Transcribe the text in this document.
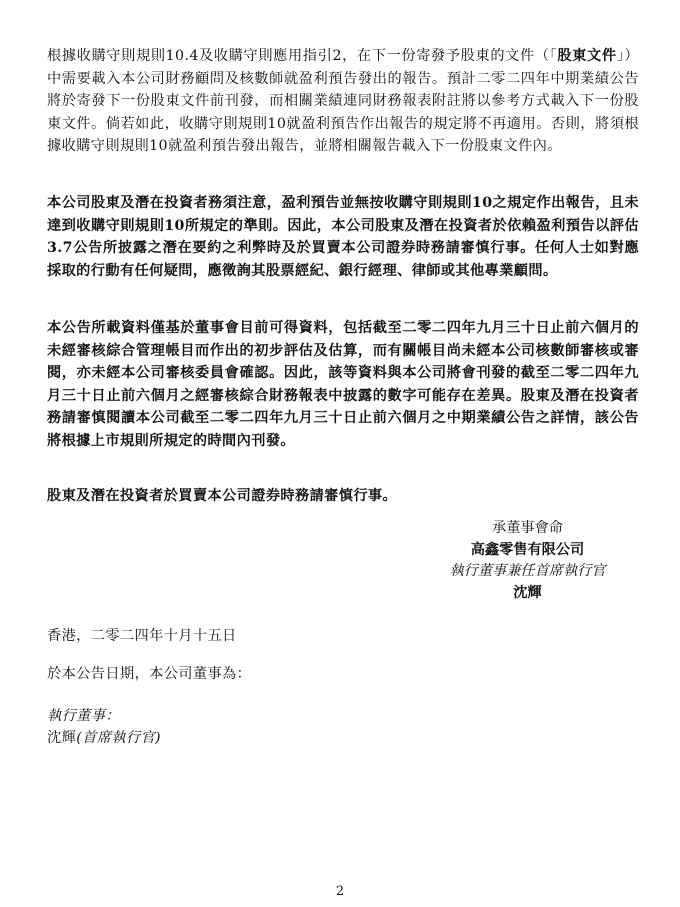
根據收購守則規則10.4及收購守則應用指引2，在下一份寄發予股東的文件（「股東文件」）中需要載入本公司財務顧問及核數師就盈利預告發出的報告。預計二零二四年中期業績公告將於寄發下一份股東文件前刊發，而相關業績連同財務報表附註將以參考方式載入下一份股東文件。倘若如此，收購守則規則10就盈利預告作出報告的規定將不再適用。否則，將須根據收購守則規則10就盈利預告發出報告，並將相關報告載入下一份股東文件內。

本公司股東及潛在投資者務須注意，盈利預告並無按收購守則規則10之規定作出報告，且未達到收購守則規則10所規定的準則。因此，本公司股東及潛在投資者於依賴盈利預告以評估3.7公告所披露之潛在要約之利弊時及於買賣本公司證券時務請審慎行事。任何人士如對應採取的行動有任何疑問，應徵詢其股票經紀、銀行經理、律師或其他專業顧問。

本公告所載資料僅基於董事會目前可得資料，包括截至二零二四年九月三十日止前六個月的未經審核綜合管理帳目而作出的初步評估及估算，而有關帳目尚未經本公司核數師審核或審閱，亦未經本公司審核委員會確認。因此，該等資料與本公司將會刊發的截至二零二四年九月三十日止前六個月之經審核綜合財務報表中披露的數字可能存在差異。股東及潛在投資者務請審慎閱讀本公司截至二零二四年九月三十日止前六個月之中期業績公告之詳情，該公告將根據上市規則所規定的時間內刊發。

股東及潛在投資者於買賣本公司證券時務請審慎行事。

承董事會命
高鑫零售有限公司
執行董事兼任首席執行官
沈輝
香港，二零二四年十月十五日
於本公告日期，本公司董事為：
執行董事：
沈輝(首席執行官)
2
